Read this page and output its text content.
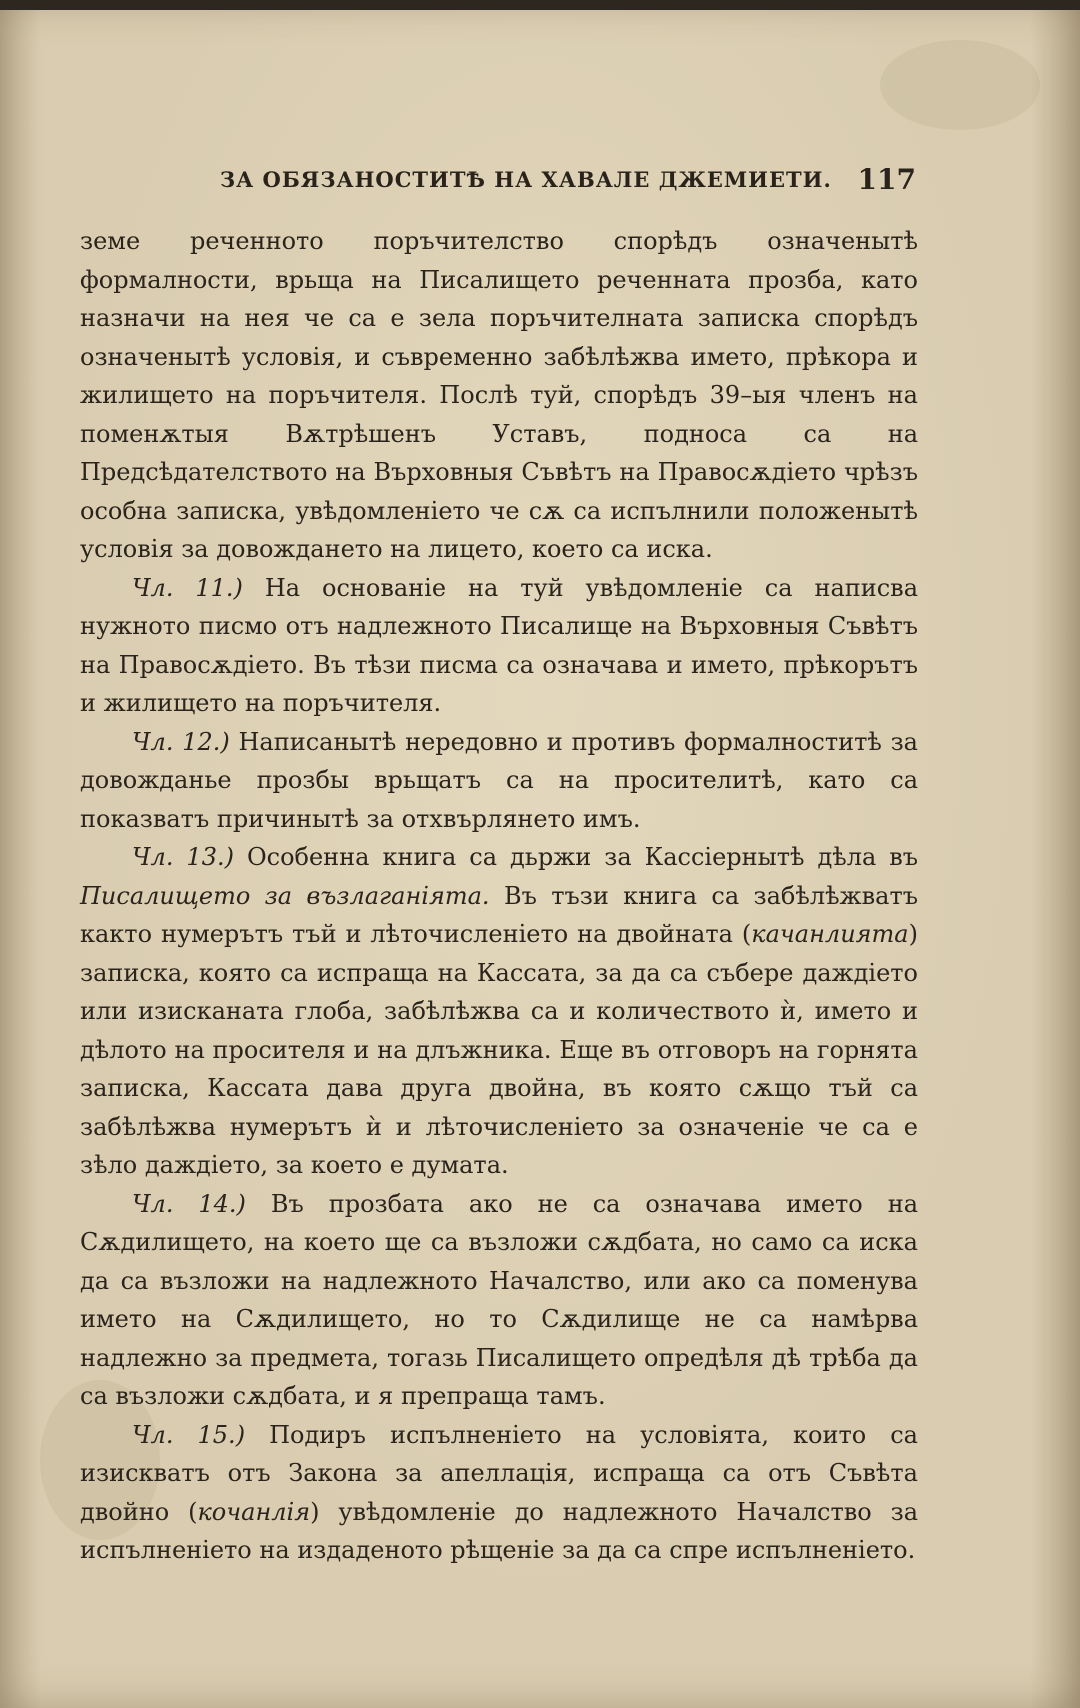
ЗА ОБЯЗАНОСТИТѢ НА ХАВАЛЕ ДЖЕМИЕТИ. 117

земе реченното поръчителство спорѣдъ означенытѣ формалности, врьща на Писалището реченната прозба, като назначи на нея че са е зела поръчителната записка спорѣдъ означенытѣ условія, и съвременно забѣлѣжва името, прѣкора и жилището на поръчителя. Послѣ туй, спорѣдъ 39–ыя членъ на поменѫтыя Вѫтрѣшенъ Уставъ, подноса са на Предсѣдателството на Върховныя Съвѣтъ на Правосѫдіето чрѣзъ особна записка, увѣдомленіето че сѫ са испълнили положенытѣ условія за довождането на лицето, което са иска.

Чл. 11.) На основаніе на туй увѣдомленіе са написва нужното писмо отъ надлежното Писалище на Върховныя Съвѣтъ на Правосѫдіето. Въ тѣзи писма са означава и името, прѣкорътъ и жилището на поръчителя.

Чл. 12.) Написанытѣ нередовно и противъ формалноститѣ за довожданье прозбы врьщатъ са на просителитѣ, като са показватъ причинытѣ за отхвърлянето имъ.

Чл. 13.) Особенна книга са дьржи за Кассіернытѣ дѣла въ Писалището за възлаганіята. Въ тъзи книга са забѣлѣжватъ както нумерътъ тъй и лѣточисленіето на двойната (качанлията) записка, която са испраща на Кассата, за да са събере даждіето или изисканата глоба, забѣлѣжва са и количеството ѝ, името и дѣлото на просителя и на длъжника. Еще въ отговоръ на горнята записка, Кассата дава друга двойна, въ която сѫщо тъй са забѣлѣжва нумерътъ ѝ и лѣточисленіето за означеніе че са е зѣло даждіето, за което е думата.

Чл. 14.) Въ прозбата ако не са означава името на Сѫдилището, на което ще са възложи сѫдбата, но само са иска да са възложи на надлежното Началство, или ако са поменува името на Сѫдилището, но то Сѫдилище не са намѣрва надлежно за предмета, тогазь Писалището опредѣля дѣ трѣба да са възложи сѫдбата, и я препраща тамъ.

Чл. 15.) Подиръ испълненіето на условіята, които са изискватъ отъ Закона за апеллація, испраща са отъ Съвѣта двойно (кочанлія) увѣдомленіе до надлежното Началство за испълненіето на издаденото рѣщеніе за да са спре испълненіето.
